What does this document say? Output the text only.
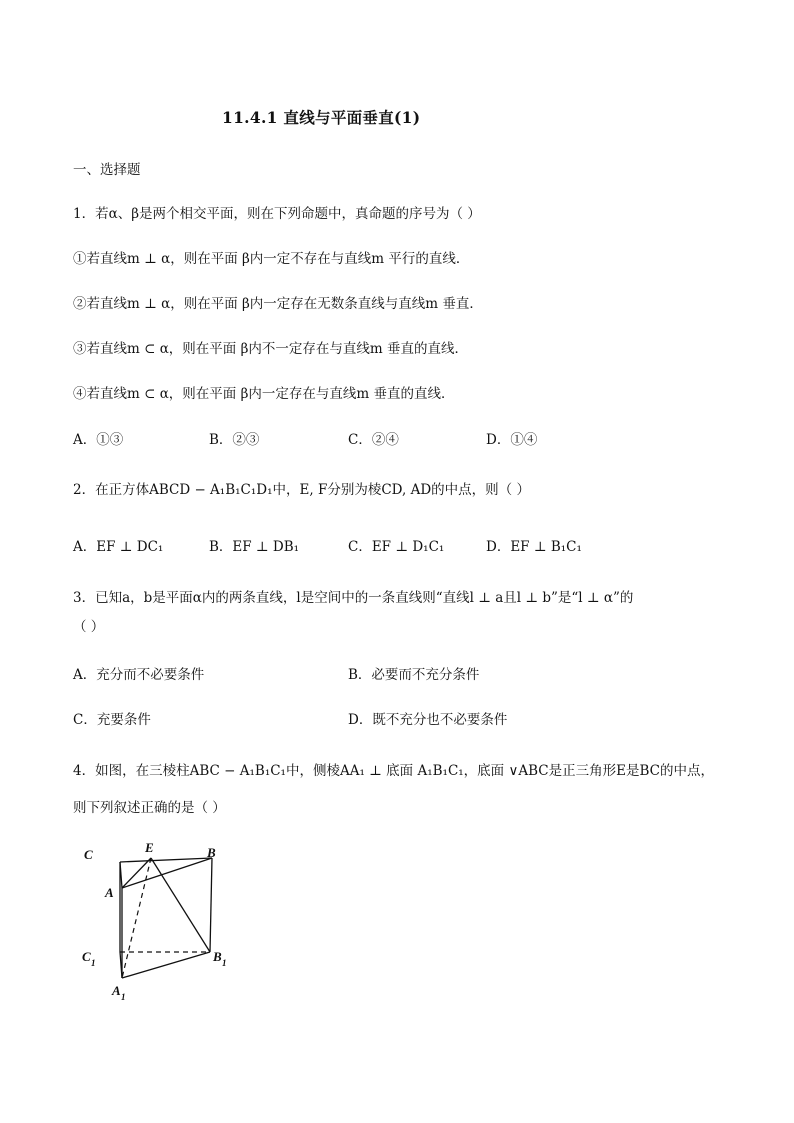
11.4.1 直线与平面垂直(1)
一、选择题
1．若α、β是两个相交平面，则在下列命题中，真命题的序号为（ ）
①若直线m ⊥ α，则在平面 β内一定不存在与直线m 平行的直线．
②若直线m ⊥ α，则在平面 β内一定存在无数条直线与直线m 垂直．
③若直线m ⊂ α，则在平面 β内不一定存在与直线m 垂直的直线．
④若直线m ⊂ α，则在平面 β内一定存在与直线m 垂直的直线．
A．①③	B．②③	C．②④	D．①④
2．在正方体ABCD − A₁B₁C₁D₁中，E, F分别为棱CD, AD的中点，则（ ）
A．EF ⊥ DC₁	B．EF ⊥ DB₁	C．EF ⊥ D₁C₁	D．EF ⊥ B₁C₁
3．已知a，b是平面α内的两条直线，l是空间中的一条直线则“直线l ⊥ a且l ⊥ b”是“l ⊥ α”的
（ ）
A．充分而不必要条件	B．必要而不充分条件
C．充要条件	D．既不充分也不必要条件
4．如图，在三棱柱ABC − A₁B₁C₁中，侧棱AA₁ ⊥ 底面 A₁B₁C₁，底面 ∨ABC是正三角形E是BC的中点，
则下列叙述正确的是（ ）
C	E	B
A
C 1	B 1
A 1
